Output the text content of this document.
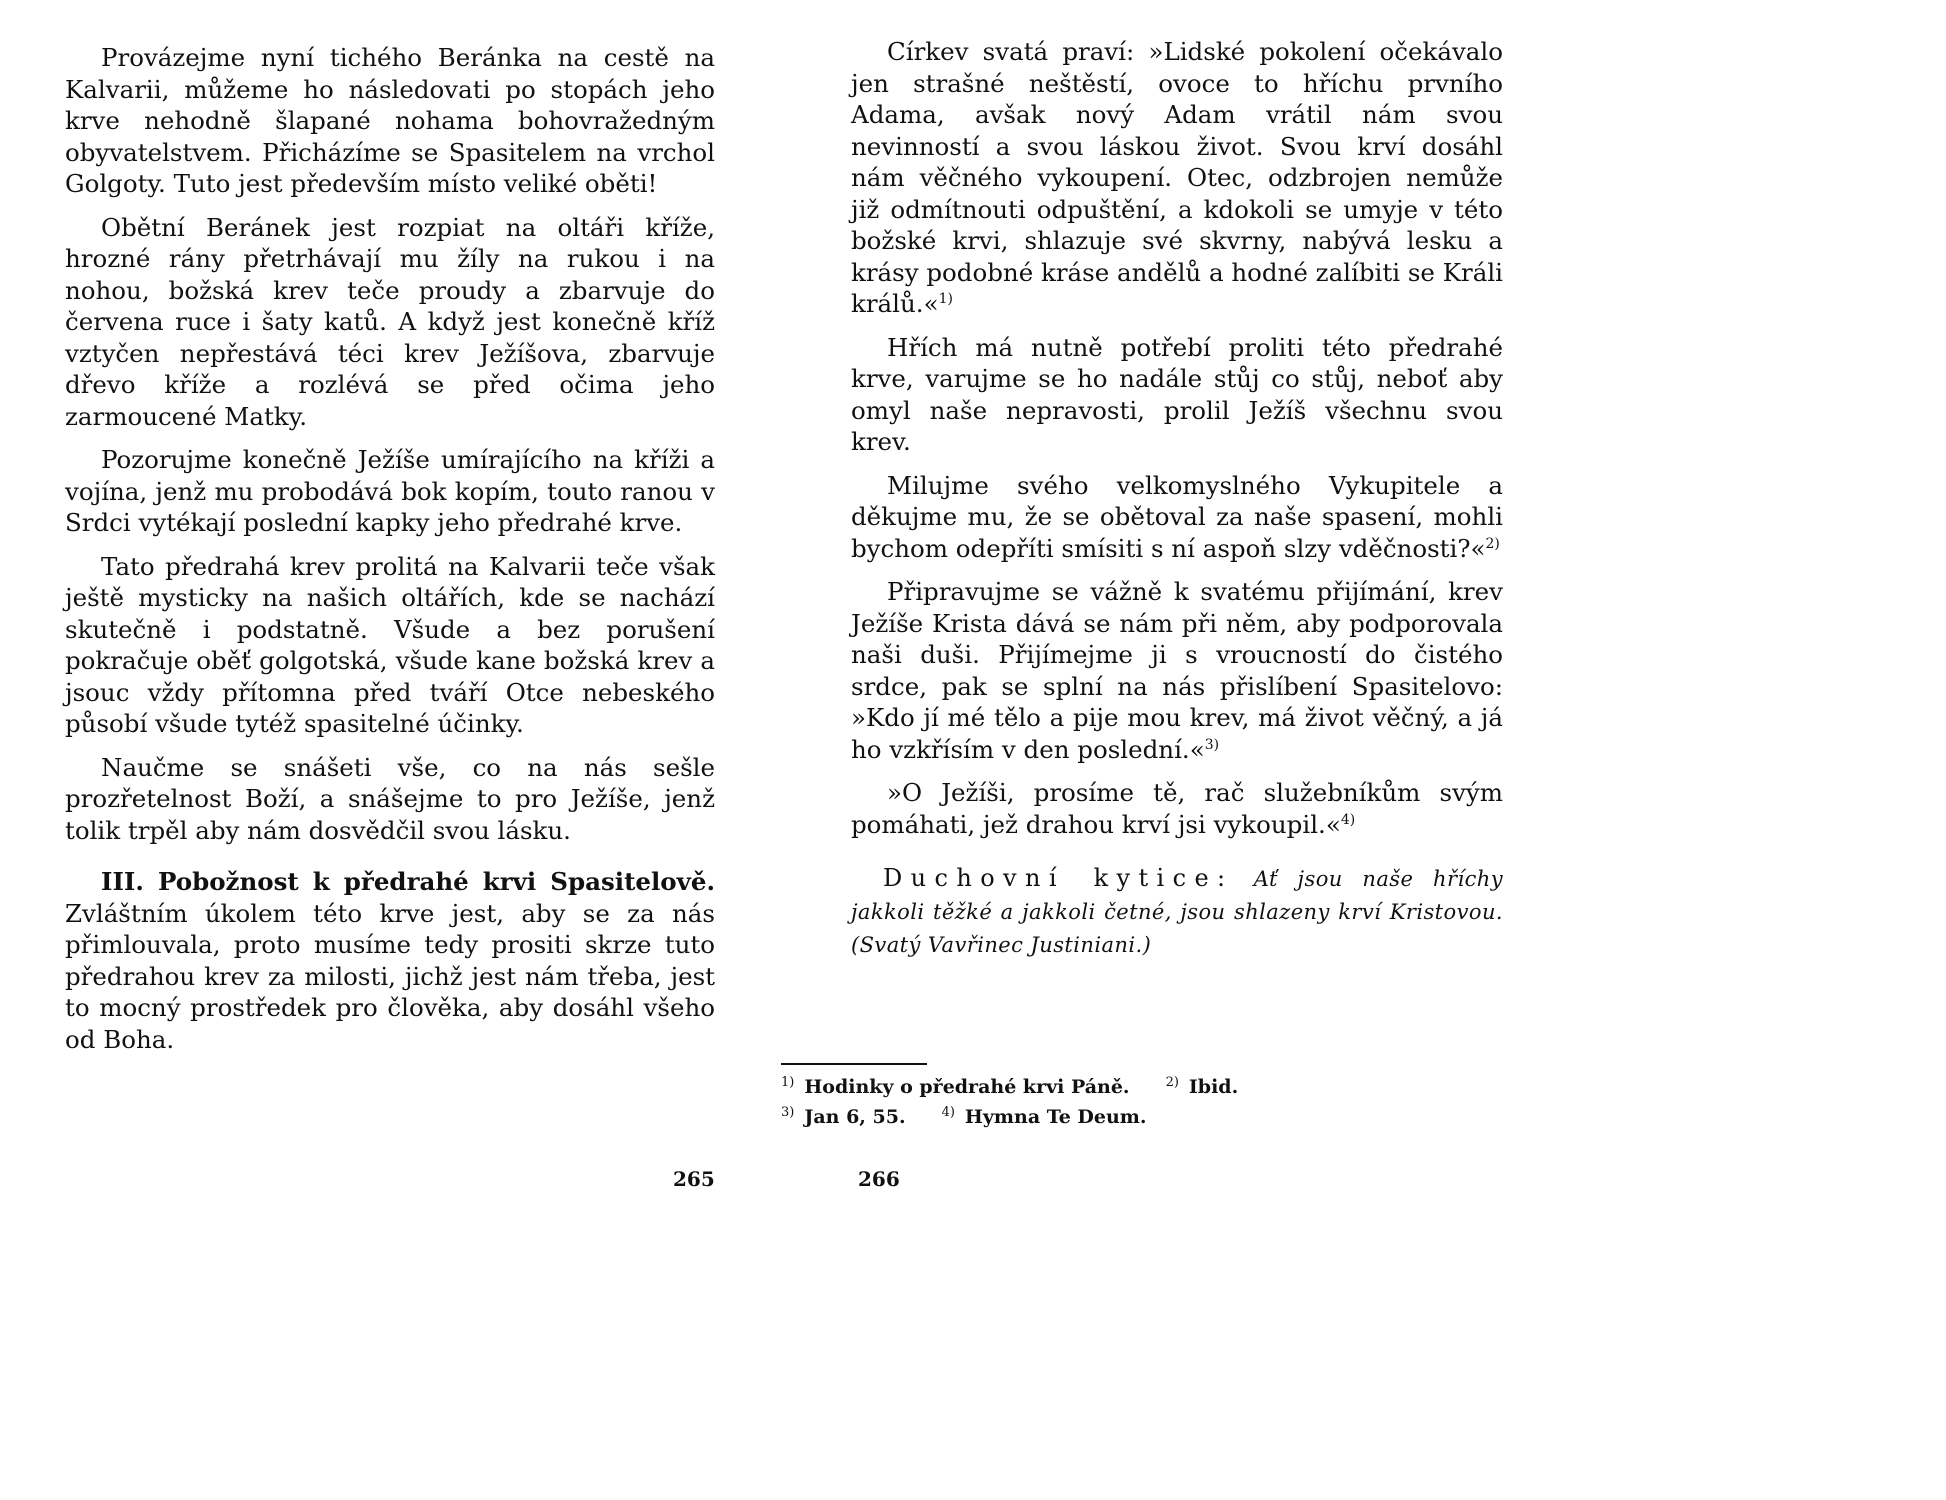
Provázejme nyní tichého Beránka na cestě na Kalvarii, můžeme ho následovati po stopách jeho krve nehodně šlapané nohama bohovražedným obyvatelstvem. Přicházíme se Spasitelem na vrchol Golgoty. Tuto jest především místo veliké oběti!

Obětní Beránek jest rozpiat na oltáři kříže, hrozné rány přetrhávají mu žíly na rukou i na nohou, božská krev teče proudy a zbarvuje do červena ruce i šaty katů. A když jest konečně kříž vztyčen nepřestává téci krev Ježíšova, zbarvuje dřevo kříže a rozlévá se před očima jeho zarmoucené Matky.

Pozorujme konečně Ježíše umírajícího na kříži a vojína, jenž mu probodává bok kopím, touto ranou v Srdci vytékají poslední kapky jeho předrahé krve.

Tato předrahá krev prolitá na Kalvarii teče však ještě mysticky na našich oltářích, kde se nachází skutečně i podstatně. Všude a bez porušení pokračuje oběť golgotská, všude kane božská krev a jsouc vždy přítomna před tváří Otce nebeského působí všude tytéž spasitelné účinky.

Naučme se snášeti vše, co na nás sešle prozřetelnost Boží, a snášejme to pro Ježíše, jenž tolik trpěl aby nám dosvědčil svou lásku.

III. Pobožnost k předrahé krvi Spasitelově. Zvláštním úkolem této krve jest, aby se za nás přimlouvala, proto musíme tedy prositi skrze tuto předrahou krev za milosti, jichž jest nám třeba, jest to mocný prostředek pro člověka, aby dosáhl všeho od Boha.

265

Církev svatá praví: »Lidské pokolení očekávalo jen strašné neštěstí, ovoce to hříchu prvního Adama, avšak nový Adam vrátil nám svou nevinností a svou láskou život. Svou krví dosáhl nám věčného vykoupení. Otec, odzbrojen nemůže již odmítnouti odpuštění, a kdokoli se umyje v této božské krvi, shlazuje své skvrny, nabývá lesku a krásy podobné kráse andělů a hodné zalíbiti se Králi králů.«$^{1)}$

Hřích má nutně potřebí proliti této předrahé krve, varujme se ho nadále stůj co stůj, neboť aby omyl naše nepravosti, prolil Ježíš všechnu svou krev.

Milujme svého velkomyslného Vykupitele a děkujme mu, že se obětoval za naše spasení, mohli bychom odepříti smísiti s ní aspoň slzy vděčnosti?«$^{2)}$

Připravujme se vážně k svatému přijímání, krev Ježíše Krista dává se nám při něm, aby podporovala naši duši. Přijímejme ji s vroucností do čistého srdce, pak se splní na nás přislíbení Spasitelovo: »Kdo jí mé tělo a pije mou krev, má život věčný, a já ho vzkřísím v den poslední.«$^{3)}$

»O Ježíši, prosíme tě, rač služebníkům svým pomáhati, jež drahou krví jsi vykoupil.«$^{4)}$

Duchovní kytice: Ať jsou naše hříchy jakkoli těžké a jakkoli četné, jsou shlazeny krví Kristovou. (Svatý Vavřinec Justiniani.)

1) Hodinky o předrahé krvi Páně.	2) Ibid.
3) Jan 6, 55.	4) Hymna Te Deum.
266
